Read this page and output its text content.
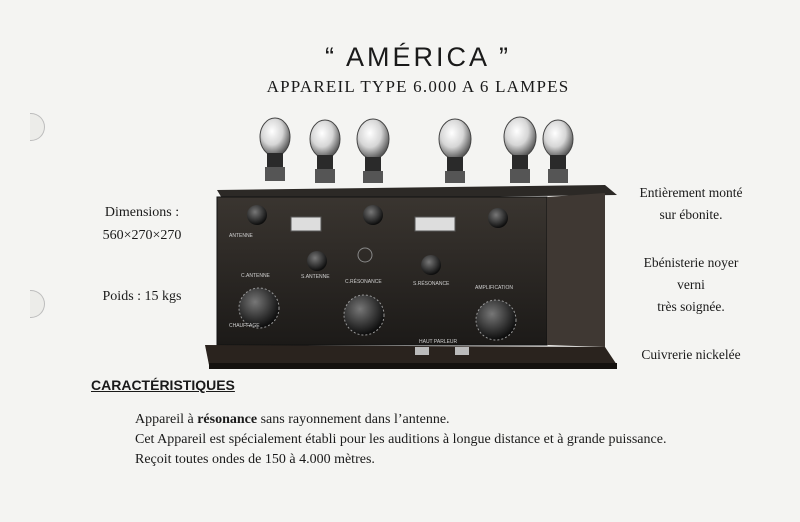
“ AMÉRICA ”
APPAREIL TYPE 6.000 A 6 LAMPES
Dimensions :
560×270×270
Poids : 15 kgs
Entièrement monté
sur ébonite.
Ebénisterie noyer
verni
très soignée.
Cuivrerie nickelée
ANTENNE
C.ANTENNE	S.ANTENNE
C.RÉSONANCE	S.RÉSONANCE
AMPLIFICATION
HAUT PARLEUR
CHAUFFAGE
CARACTÉRISTIQUES
Appareil à résonance sans rayonnement dans l’antenne.
Cet Appareil est spécialement établi pour les auditions à longue distance et à grande puissance.
Reçoit toutes ondes de 150 à 4.000 mètres.
